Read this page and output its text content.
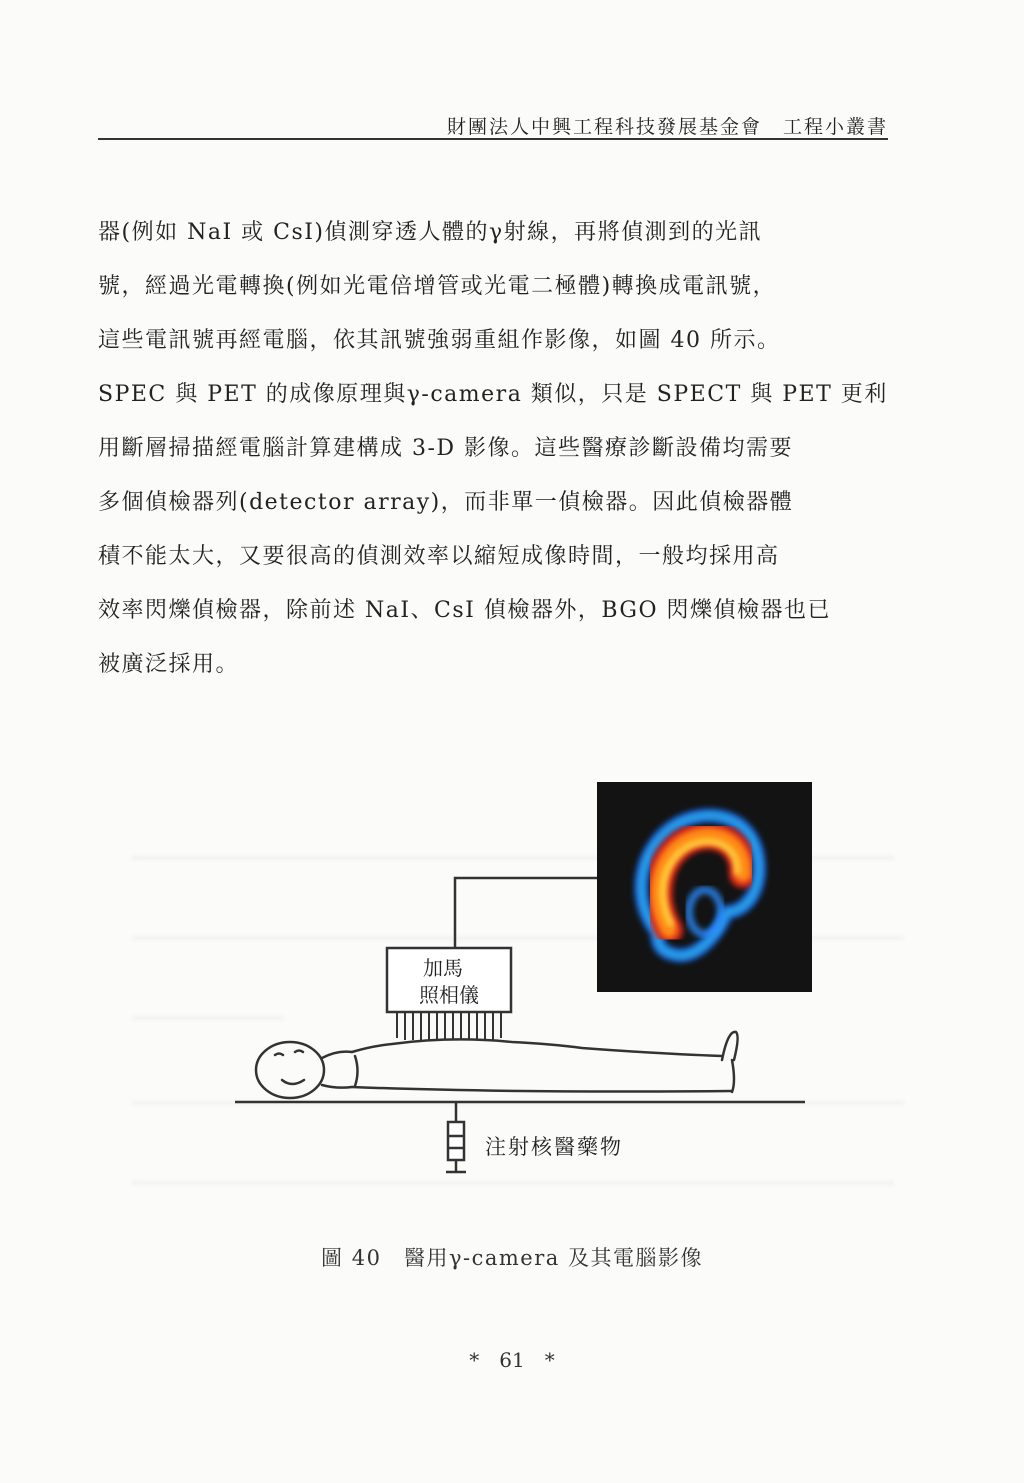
財團法人中興工程科技發展基金會　工程小叢書

器(例如 NaI 或 CsI)偵測穿透人體的γ射線，再將偵測到的光訊

號，經過光電轉換(例如光電倍增管或光電二極體)轉換成電訊號，

這些電訊號再經電腦，依其訊號強弱重組作影像，如圖 40 所示。

SPEC 與 PET 的成像原理與γ-camera 類似，只是 SPECT 與 PET 更利

用斷層掃描經電腦計算建構成 3-D 影像。這些醫療診斷設備均需要

多個偵檢器列(detector array)，而非單一偵檢器。因此偵檢器體

積不能太大，又要很高的偵測效率以縮短成像時間，一般均採用高

效率閃爍偵檢器，除前述 NaI、CsI 偵檢器外，BGO 閃爍偵檢器也已

被廣泛採用。

加馬
照相儀
注射核醫藥物
圖 40　醫用γ-camera 及其電腦影像
*　61　*
